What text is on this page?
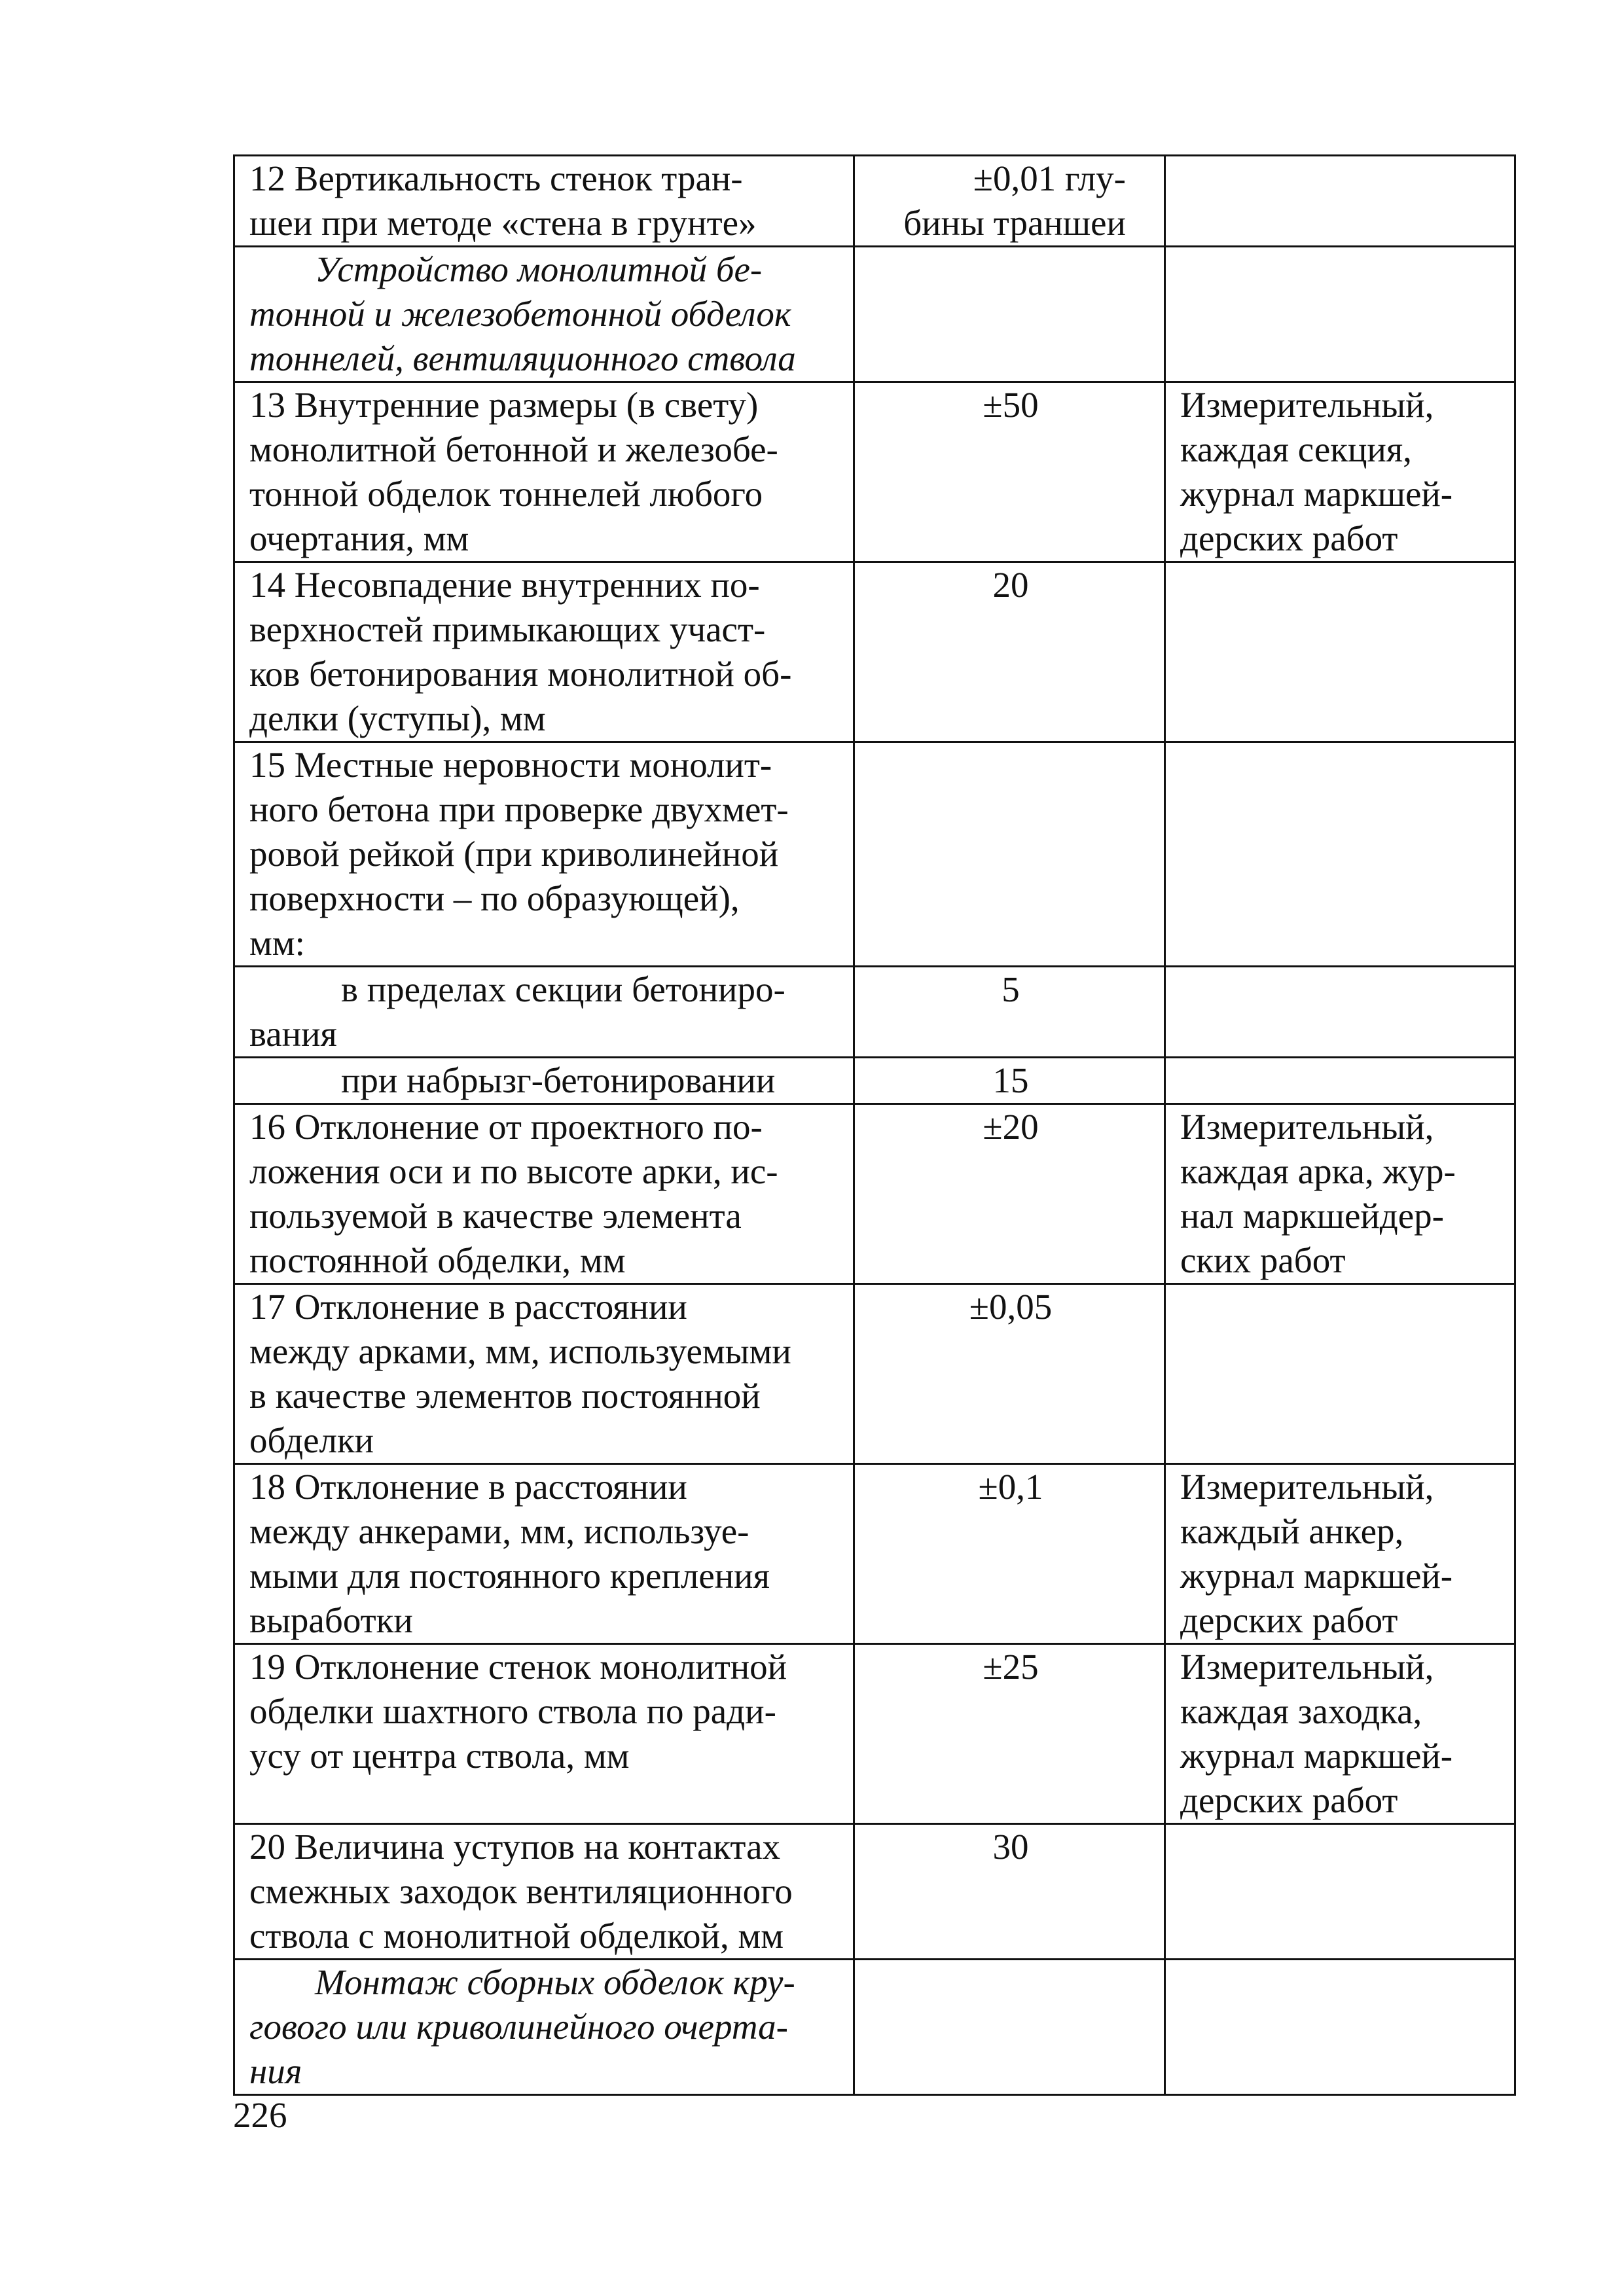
12 Вертикальность стенок тран-
шеи при методе «стена в грунте»	±0,01 глу-
бины траншеи	
Устройство монолитной бе-
тонной и железобетонной обделок
тоннелей, вентиляционного ствола		
13 Внутренние размеры (в свету)
монолитной бетонной и железобе-
тонной обделок тоннелей любого
очертания, мм	±50	Измерительный,
каждая секция,
журнал маркшей-
дерских работ
14 Несовпадение внутренних по-
верхностей примыкающих участ-
ков бетонирования монолитной об-
делки (уступы), мм	20	
15 Местные неровности монолит-
ного бетона при проверке двухмет-
ровой рейкой (при криволинейной
поверхности – по образующей),
мм:		
в пределах секции бетониро-
вания	5	
при набрызг-бетонировании	15	
16 Отклонение от проектного по-
ложения оси и по высоте арки, ис-
пользуемой в качестве элемента
постоянной обделки, мм	±20	Измерительный,
каждая арка, жур-
нал маркшейдер-
ских работ
17 Отклонение в расстоянии
между арками, мм, используемыми
в качестве элементов постоянной
обделки	±0,05	
18 Отклонение в расстоянии
между анкерами, мм, используе-
мыми для постоянного крепления
выработки	±0,1	Измерительный,
каждый анкер,
журнал маркшей-
дерских работ
19 Отклонение стенок монолитной
обделки шахтного ствола по ради-
усу от центра ствола, мм	±25	Измерительный,
каждая заходка,
журнал маркшей-
дерских работ
20 Величина уступов на контактах
смежных заходок вентиляционного
ствола с монолитной обделкой, мм	30	
Монтаж сборных обделок кру-
гового или криволинейного очерта-
ния		
226
